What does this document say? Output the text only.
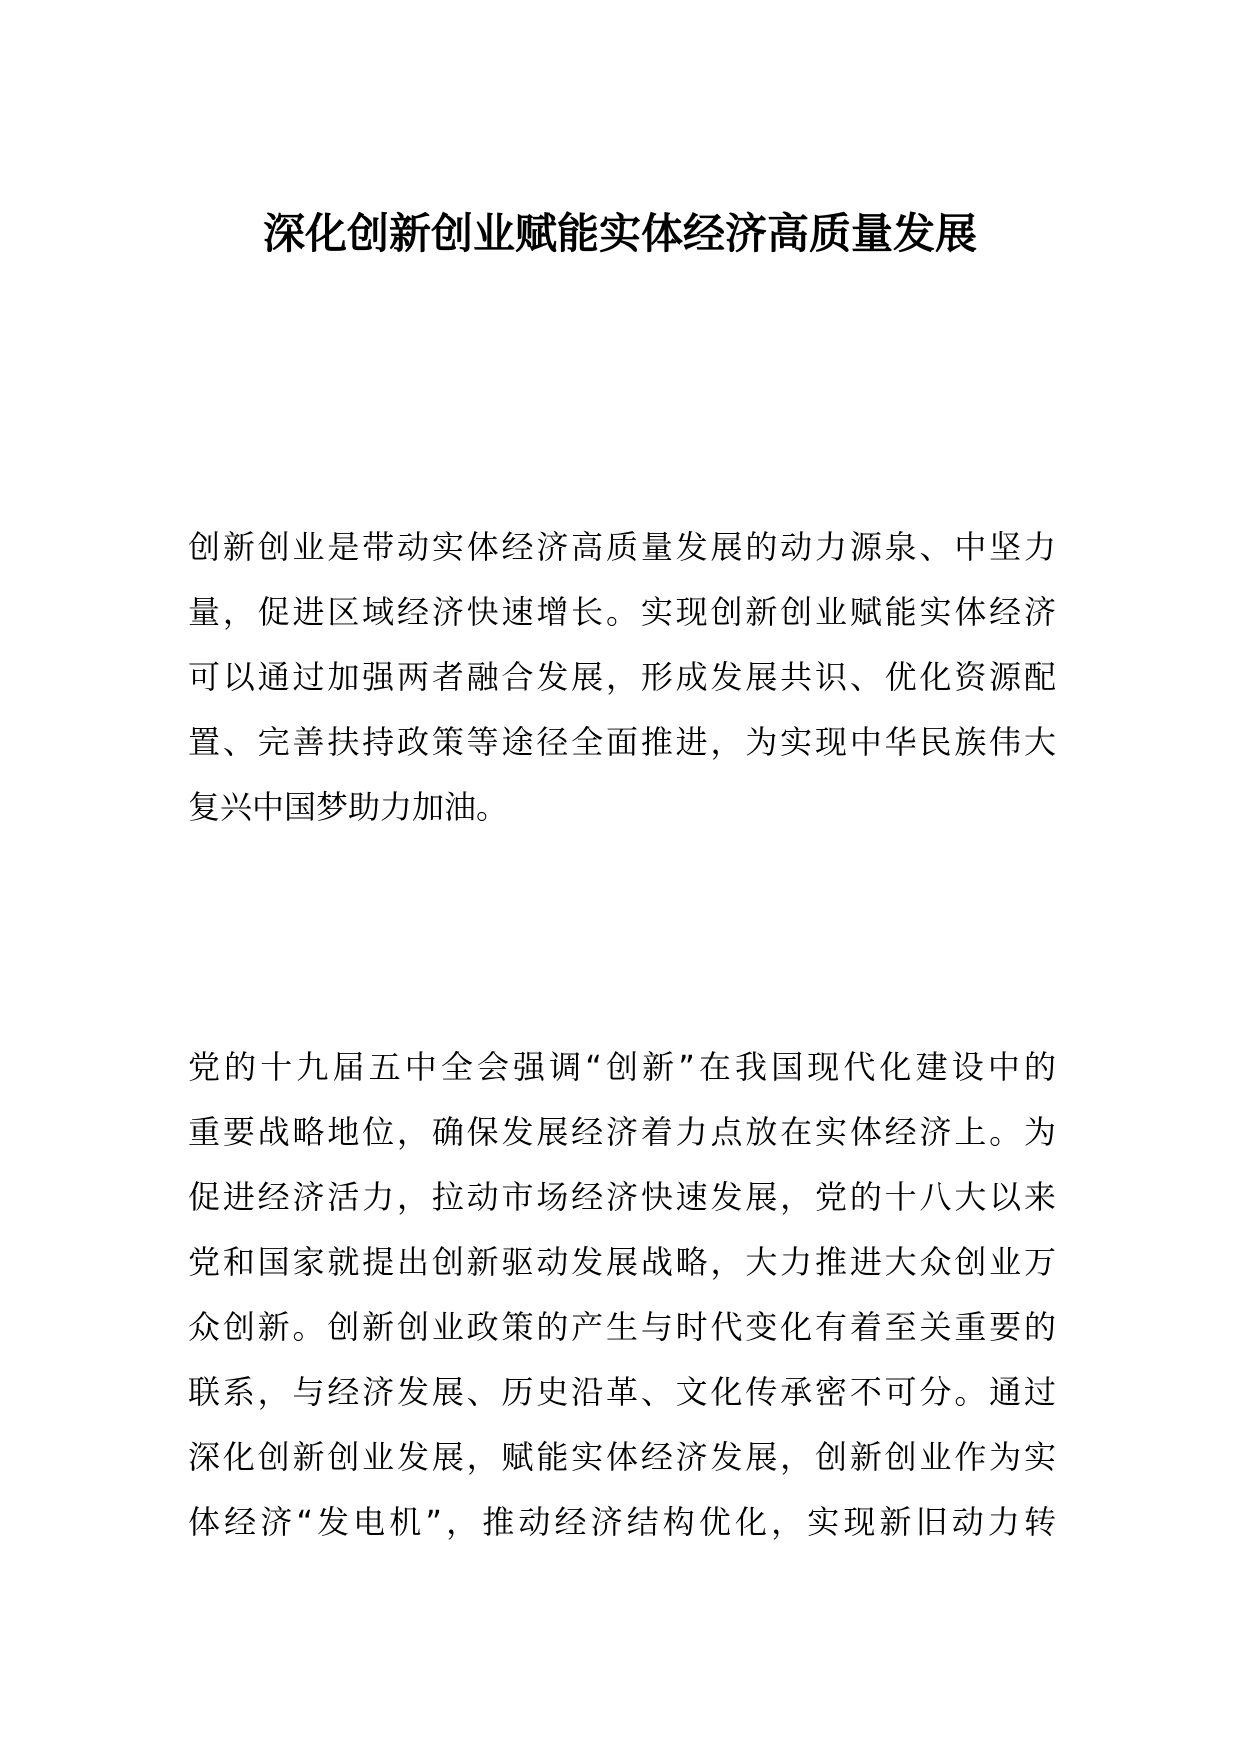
深化创新创业赋能实体经济高质量发展
创新创业是带动实体经济高质量发展的动力源泉、中坚力
量，促进区域经济快速增长。实现创新创业赋能实体经济
可以通过加强两者融合发展，形成发展共识、优化资源配
置、完善扶持政策等途径全面推进，为实现中华民族伟大
复兴中国梦助力加油。
党的十九届五中全会强调“创新”在我国现代化建设中的
重要战略地位，确保发展经济着力点放在实体经济上。为
促进经济活力，拉动市场经济快速发展，党的十八大以来
党和国家就提出创新驱动发展战略，大力推进大众创业万
众创新。创新创业政策的产生与时代变化有着至关重要的
联系，与经济发展、历史沿革、文化传承密不可分。通过
深化创新创业发展，赋能实体经济发展，创新创业作为实
体经济“发电机”，推动经济结构优化，实现新旧动力转
